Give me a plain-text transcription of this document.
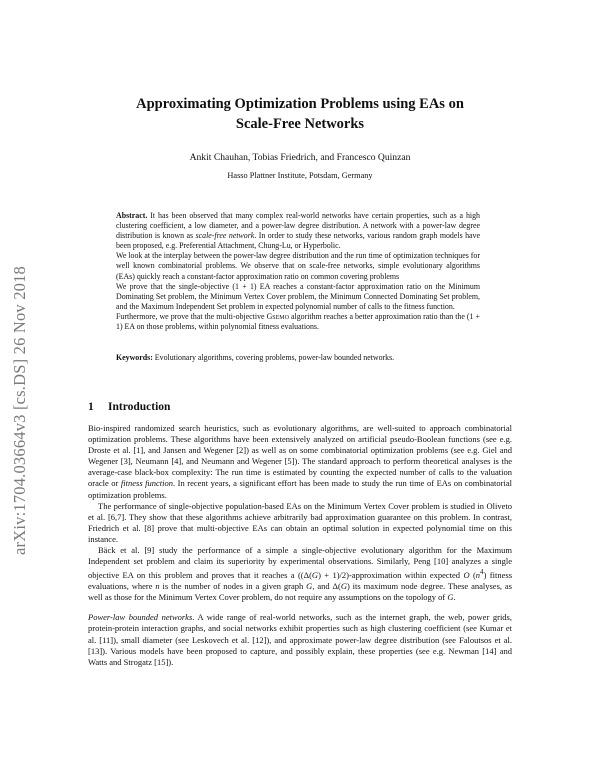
arXiv:1704.03664v3 [cs.DS] 26 Nov 2018
Approximating Optimization Problems using EAs on
Scale-Free Networks
Ankit Chauhan, Tobias Friedrich, and Francesco Quinzan
Hasso Plattner Institute, Potsdam, Germany

Abstract. It has been observed that many complex real-world networks have certain properties, such as a high clustering coefficient, a low diameter, and a power-law degree distribution. A network with a power-law degree distribution is known as scale-free network. In order to study these networks, various random graph models have been proposed, e.g. Preferential Attachment, Chung-Lu, or Hyperbolic.

We look at the interplay between the power-law degree distribution and the run time of optimization techniques for well known combinatorial problems. We observe that on scale-free networks, simple evolutionary algorithms (EAs) quickly reach a constant-factor approximation ratio on common covering problems

We prove that the single-objective (1 + 1) EA reaches a constant-factor approximation ratio on the Minimum Dominating Set problem, the Minimum Vertex Cover problem, the Minimum Connected Dominating Set problem, and the Maximum Independent Set problem in expected polynomial number of calls to the fitness function.

Furthermore, we prove that the multi-objective Gsemo algorithm reaches a better approximation ratio than the (1 + 1) EA on those problems, within polynomial fitness evaluations.

Keywords: Evolutionary algorithms, covering problems, power-law bounded networks.
1 Introduction

Bio-inspired randomized search heuristics, such as evolutionary algorithms, are well-suited to approach combinatorial optimization problems. These algorithms have been extensively analyzed on artificial pseudo-Boolean functions (see e.g. Droste et al. [1], and Jansen and Wegener [2]) as well as on some combinatorial optimization problems (see e.g. Giel and Wegener [3], Neumann [4], and Neumann and Wegener [5]). The standard approach to perform theoretical analyses is the average-case black-box complexity: The run time is estimated by counting the expected number of calls to the valuation oracle or fitness function. In recent years, a significant effort has been made to study the run time of EAs on combinatorial optimization problems.

The performance of single-objective population-based EAs on the Minimum Vertex Cover problem is studied in Oliveto et al. [6,7]. They show that these algorithms achieve arbitrarily bad approximation guarantee on this problem. In contrast, Friedrich et al. [8] prove that multi-objective EAs can obtain an optimal solution in expected polynomial time on this instance.

Bäck et al. [9] study the performance of a simple a single-objective evolutionary algorithm for the Maximum Independent set problem and claim its superiority by experimental observations. Similarly, Peng [10] analyzes a single objective EA on this problem and proves that it reaches a ((Δ(G) + 1)/2)-approximation within expected O $(n^4)$ fitness evaluations, where n is the number of nodes in a given graph G, and Δ(G) its maximum node degree. These analyses, as well as those for the Minimum Vertex Cover problem, do not require any assumptions on the topology of G.

Power-law bounded networks. A wide range of real-world networks, such as the internet graph, the web, power grids, protein-protein interaction graphs, and social networks exhibit properties such as high clustering coefficient (see Kumar et al. [11]), small diameter (see Leskovech et al. [12]), and approximate power-law degree distribution (see Faloutsos et al. [13]). Various models have been proposed to capture, and possibly explain, these properties (see e.g. Newman [14] and Watts and Strogatz [15]).
